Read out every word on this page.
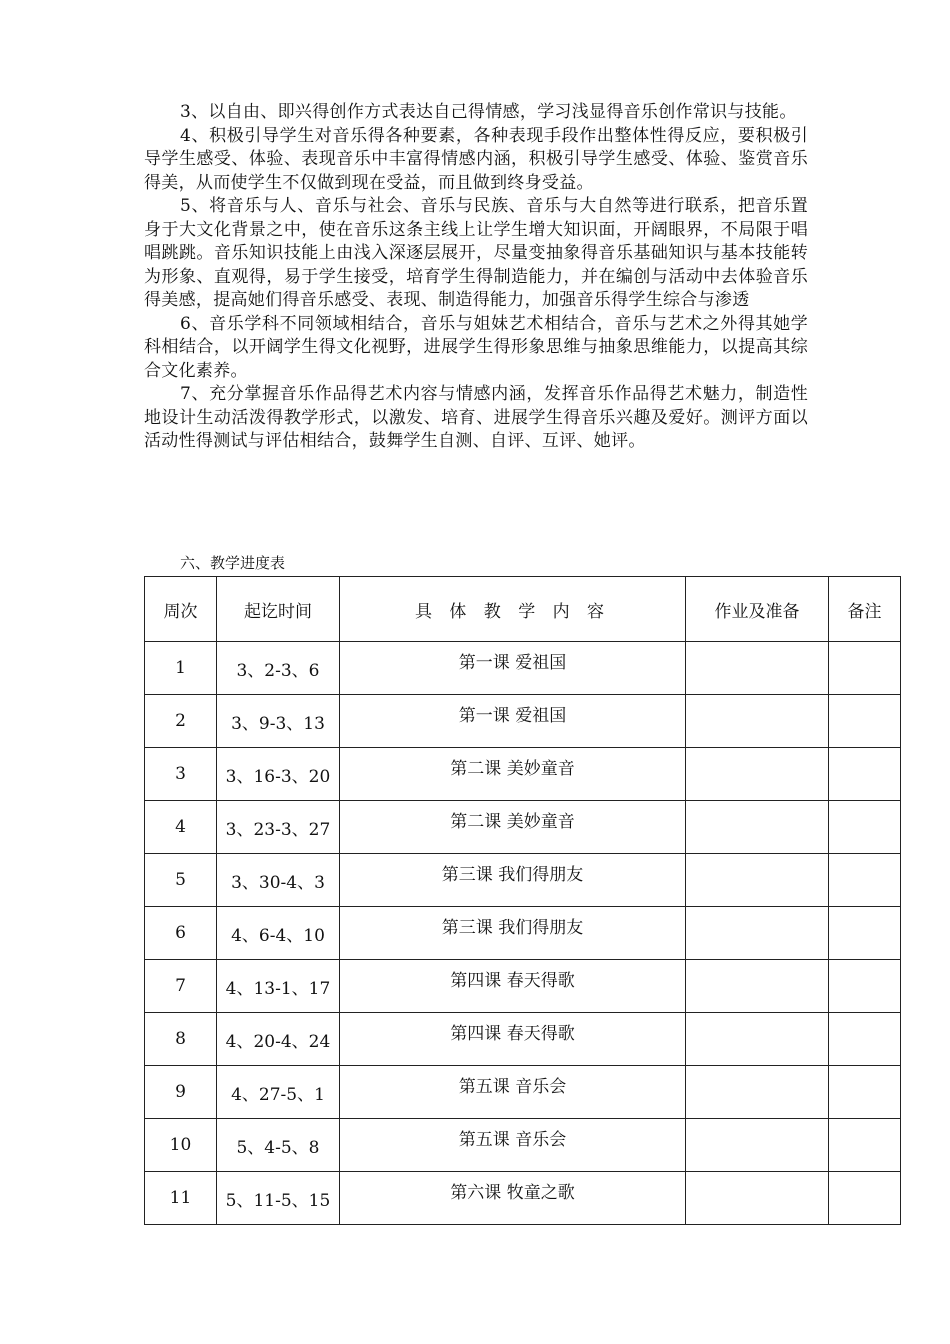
3、以自由、即兴得创作方式表达自己得情感，学习浅显得音乐创作常识与技能。

4、积极引导学生对音乐得各种要素，各种表现手段作出整体性得反应，要积极引导学生感受、体验、表现音乐中丰富得情感内涵，积极引导学生感受、体验、鉴赏音乐得美，从而使学生不仅做到现在受益，而且做到终身受益。

5、将音乐与人、音乐与社会、音乐与民族、音乐与大自然等进行联系，把音乐置身于大文化背景之中，使在音乐这条主线上让学生增大知识面，开阔眼界，不局限于唱唱跳跳。音乐知识技能上由浅入深逐层展开，尽量变抽象得音乐基础知识与基本技能转为形象、直观得，易于学生接受，培育学生得制造能力，并在编创与活动中去体验音乐得美感，提高她们得音乐感受、表现、制造得能力，加强音乐得学生综合与渗透

6、音乐学科不同领域相结合，音乐与姐妹艺术相结合，音乐与艺术之外得其她学科相结合，以开阔学生得文化视野，进展学生得形象思维与抽象思维能力，以提高其综合文化素养。

7、充分掌握音乐作品得艺术内容与情感内涵，发挥音乐作品得艺术魅力，制造性地设计生动活泼得教学形式，以激发、培育、进展学生得音乐兴趣及爱好。测评方面以活动性得测试与评估相结合，鼓舞学生自测、自评、互评、她评。

六、教学进度表

周次	起讫时间	具 体 教 学 内 容	作业及准备	备注
1	3、2-3、6	第一课 爱祖国		
2	3、9-3、13	第一课 爱祖国		
3	3、16-3、20	第二课 美妙童音		
4	3、23-3、27	第二课 美妙童音		
5	3、30-4、3	第三课 我们得朋友		
6	4、6-4、10	第三课 我们得朋友		
7	4、13-1、17	第四课 春天得歌		
8	4、20-4、24	第四课 春天得歌		
9	4、27-5、1	第五课 音乐会		
10	5、4-5、8	第五课 音乐会		
11	5、11-5、15	第六课 牧童之歌		
